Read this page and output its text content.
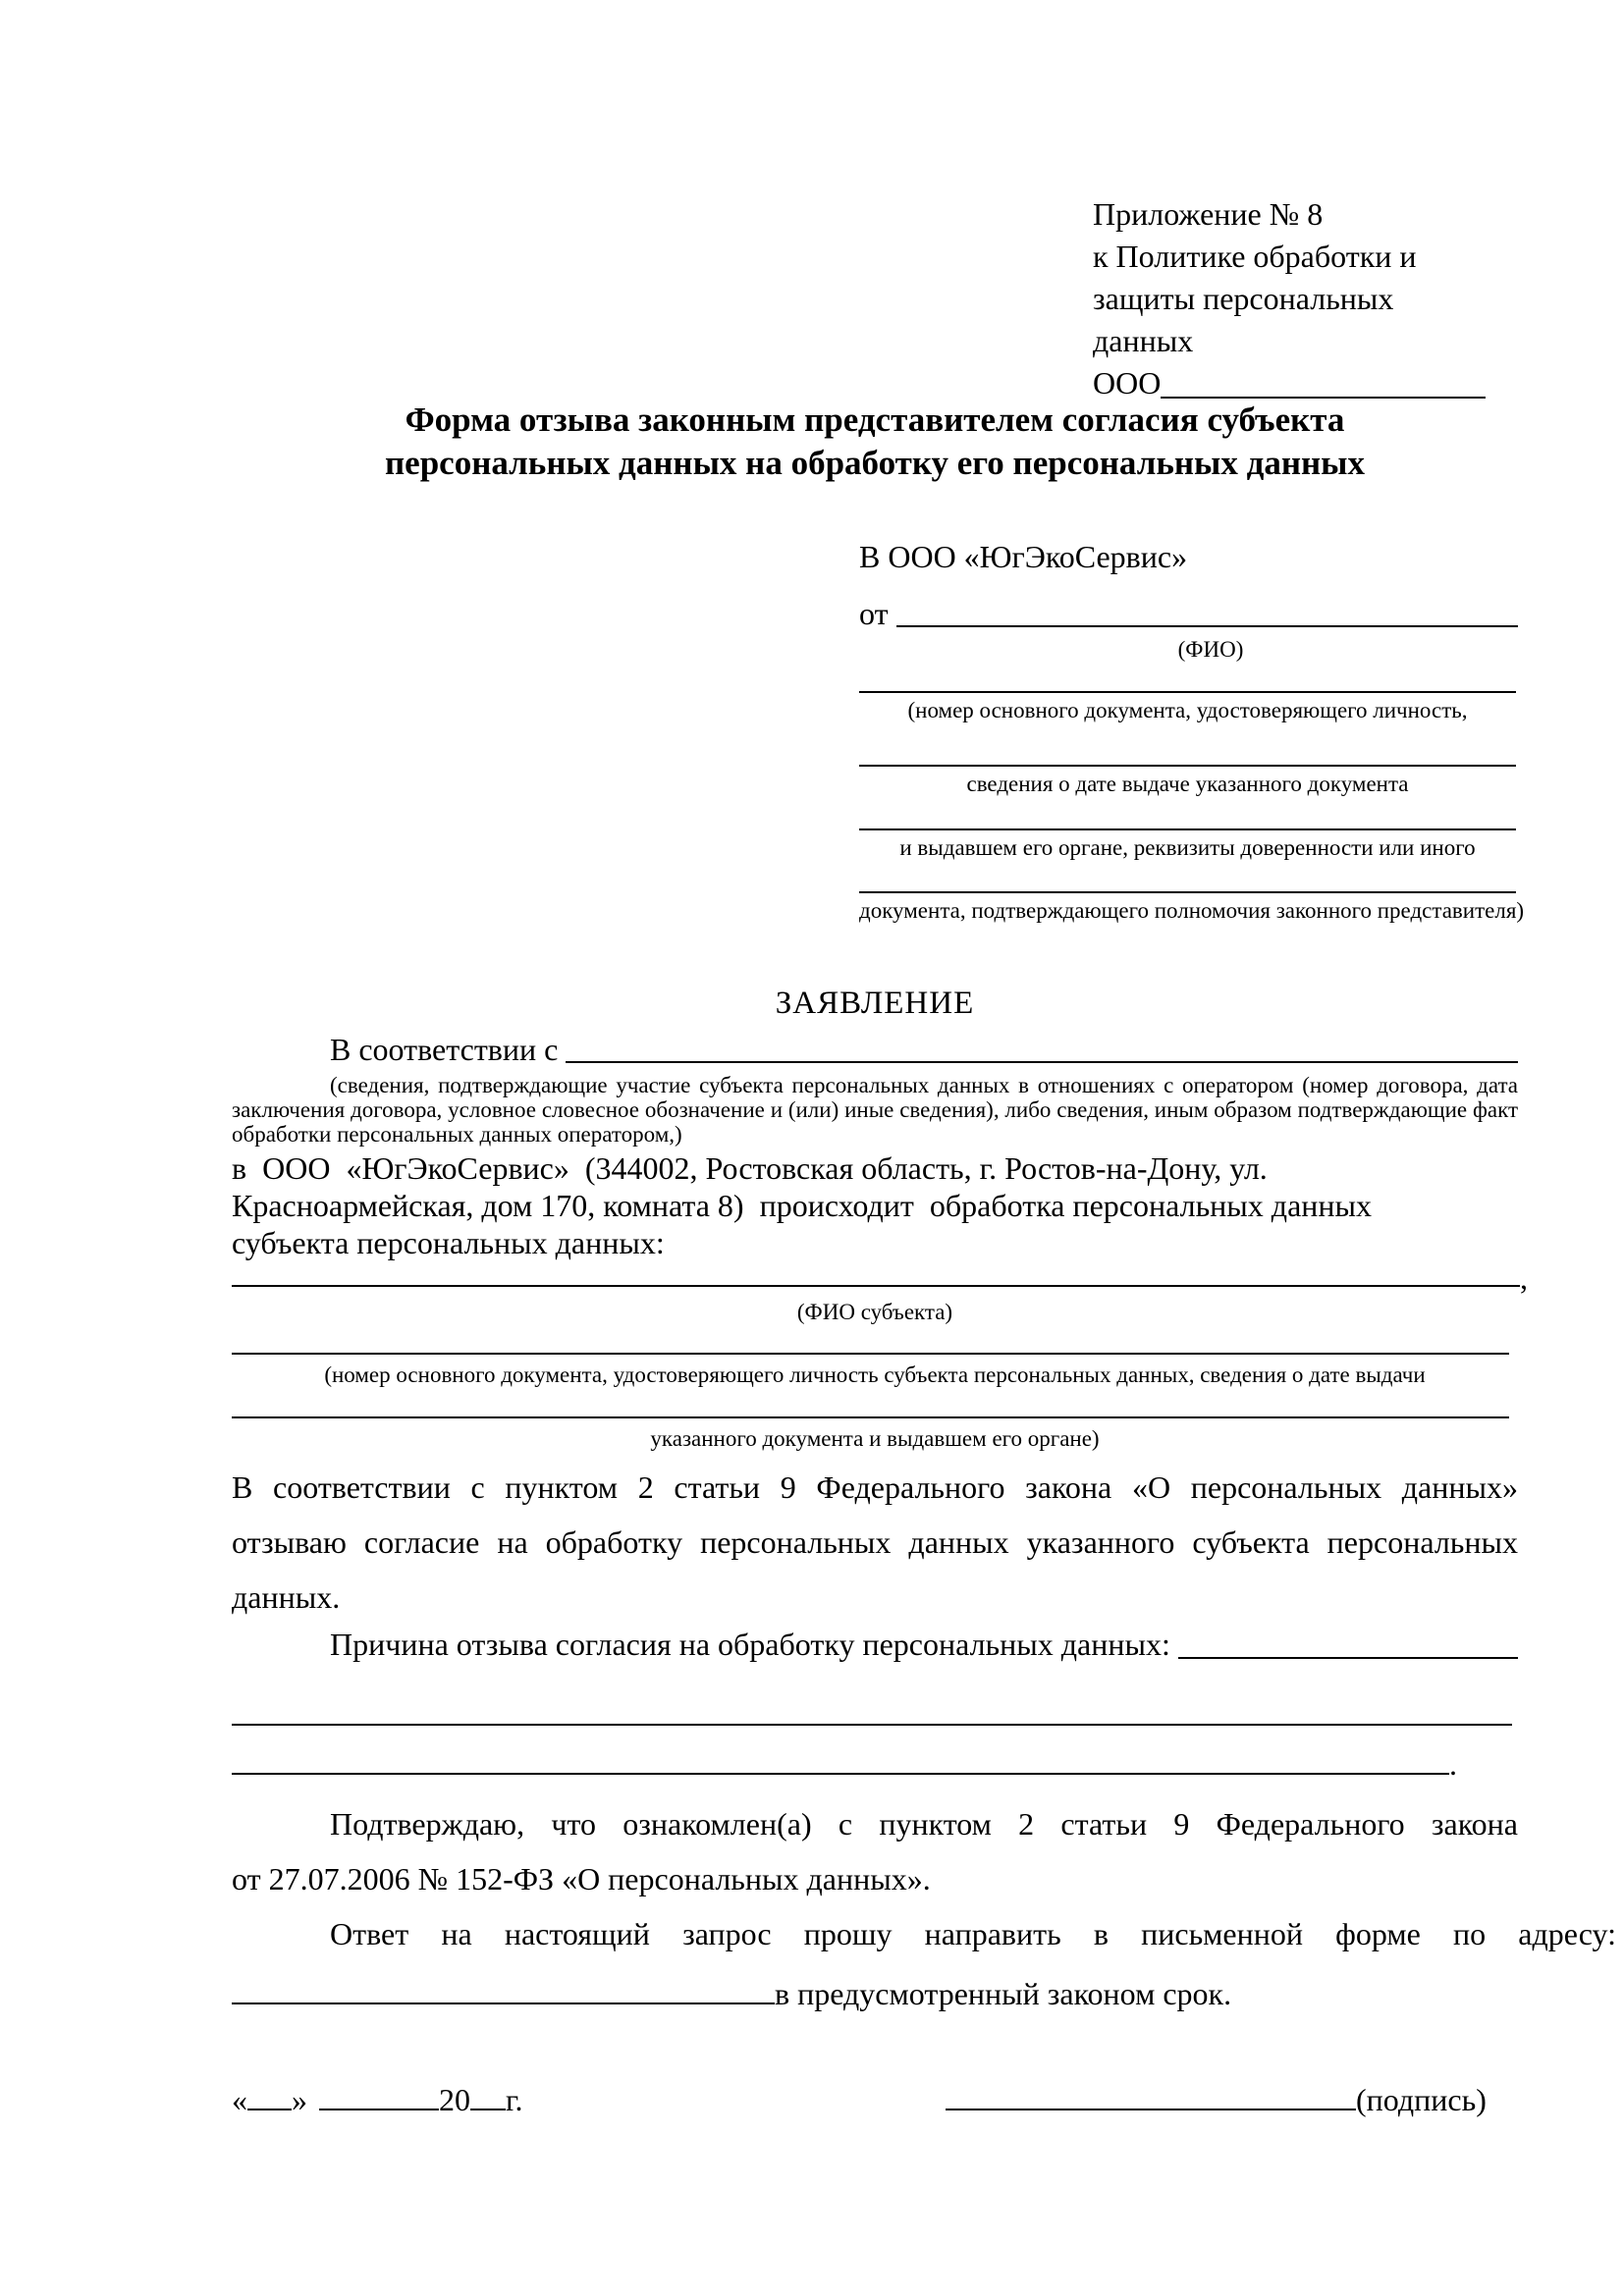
Приложение № 8
к Политике обработки и
защиты персональных данных
ООО
Форма отзыва законным представителем согласия субъекта
персональных данных на обработку его персональных данных
В ООО «ЮгЭкоСервис»
от
(ФИО)
(номер основного документа, удостоверяющего личность,
сведения о дате выдаче указанного документа
и выдавшем его органе, реквизиты доверенности или иного
документа, подтверждающего полномочия законного представителя)
ЗАЯВЛЕНИЕ
В соответствии с
(сведения, подтверждающие участие субъекта персональных данных в отношениях с оператором (номер договора, дата
заключения договора, условное словесное обозначение и (или) иные сведения), либо сведения, иным образом подтверждающие факт
обработки персональных данных оператором,)
в  ООО  «ЮгЭкоСервис»  (344002, Ростовская область, г. Ростов-на-Дону, ул.
Красноармейская, дом 170, комната 8)  происходит  обработка персональных данных
субъекта персональных данных:
,
(ФИО субъекта)
(номер основного документа, удостоверяющего личность субъекта персональных данных, сведения о дате выдачи
указанного документа и выдавшем его органе)
В соответствии с пунктом 2 статьи 9 Федерального закона «О персональных данных»
отзываю согласие на обработку персональных данных указанного субъекта персональных
данных.
Причина отзыва согласия на обработку персональных данных:
.
Подтверждаю, что ознакомлен(а) с пунктом 2 статьи 9 Федерального закона
от 27.07.2006 № 152-ФЗ «О персональных данных».
Ответ на настоящий запрос прошу направить в письменной форме по адресу:
в предусмотренный законом срок.
« »	20 г.	(подпись)
